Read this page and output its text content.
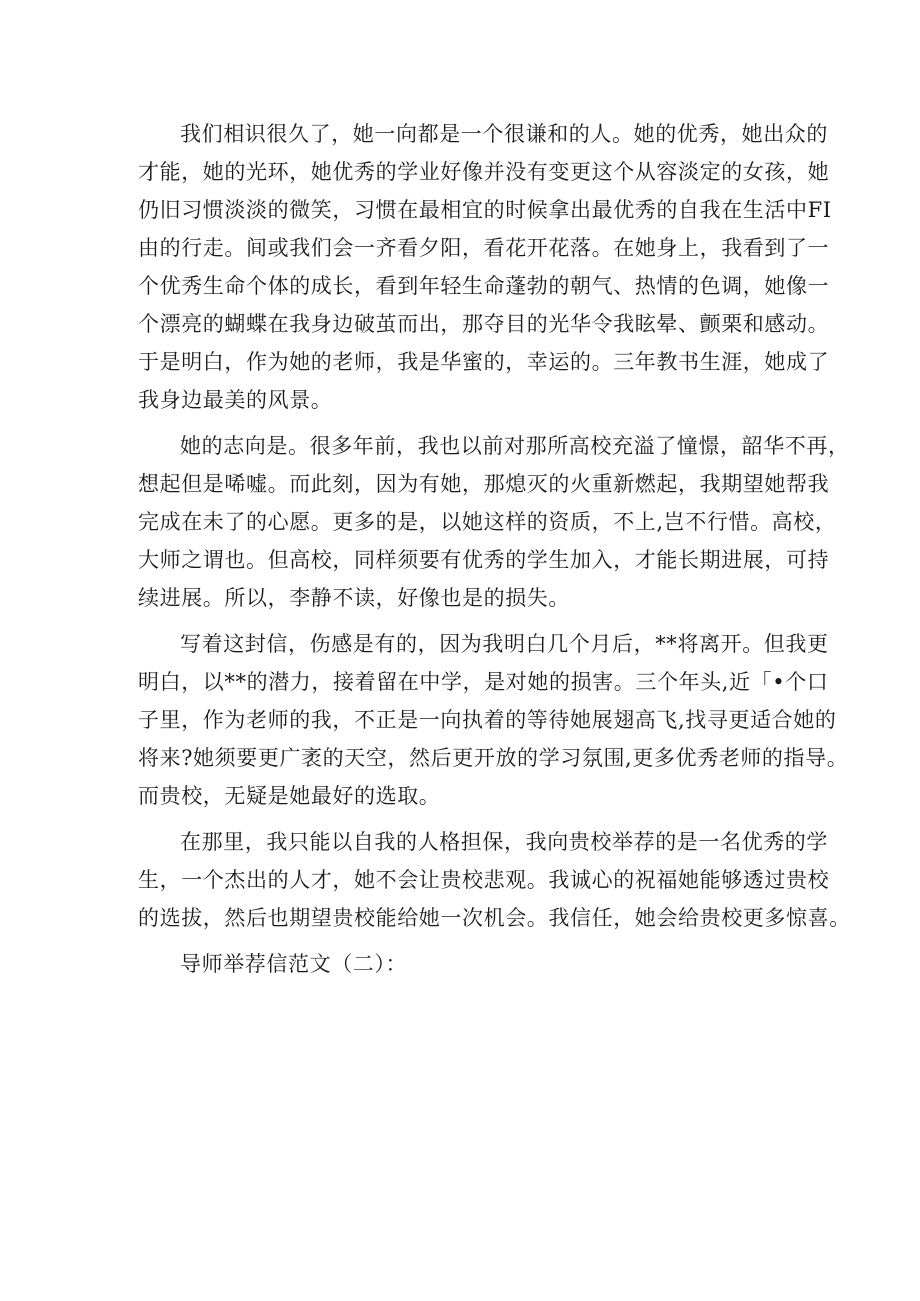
我们相识很久了，她一向都是一个很谦和的人。她的优秀，她出众的
才能，她的光环，她优秀的学业好像并没有变更这个从容淡定的女孩，她
仍旧习惯淡淡的微笑，习惯在最相宜的时候拿出最优秀的自我在生活中FI
由的行走。间或我们会一齐看夕阳，看花开花落。在她身上，我看到了一
个优秀生命个体的成长，看到年轻生命蓬勃的朝气、热情的色调，她像一
个漂亮的蝴蝶在我身边破茧而出，那夺目的光华令我眩晕、颤栗和感动。
于是明白，作为她的老师，我是华蜜的，幸运的。三年教书生涯，她成了
我身边最美的风景。
她的志向是。很多年前，我也以前对那所高校充溢了憧憬，韶华不再，
想起但是唏嘘。而此刻，因为有她，那熄灭的火重新燃起，我期望她帮我
完成在未了的心愿。更多的是，以她这样的资质，不上,岂不行惜。高校，
大师之谓也。但高校，同样须要有优秀的学生加入，才能长期进展，可持
续进展。所以，李静不读，好像也是的损失。
写着这封信，伤感是有的，因为我明白几个月后，**将离开。但我更
明白，以**的潜力，接着留在中学，是对她的损害。三个年头,近「•个口
子里，作为老师的我，不正是一向执着的等待她展翅高飞,找寻更适合她的
将来?她须要更广袤的天空，然后更开放的学习氛围,更多优秀老师的指导。
而贵校，无疑是她最好的选取。
在那里，我只能以自我的人格担保，我向贵校举荐的是一名优秀的学
生，一个杰出的人才，她不会让贵校悲观。我诚心的祝福她能够透过贵校
的选拔，然后也期望贵校能给她一次机会。我信任，她会给贵校更多惊喜。
导师举荐信范文（二）：
